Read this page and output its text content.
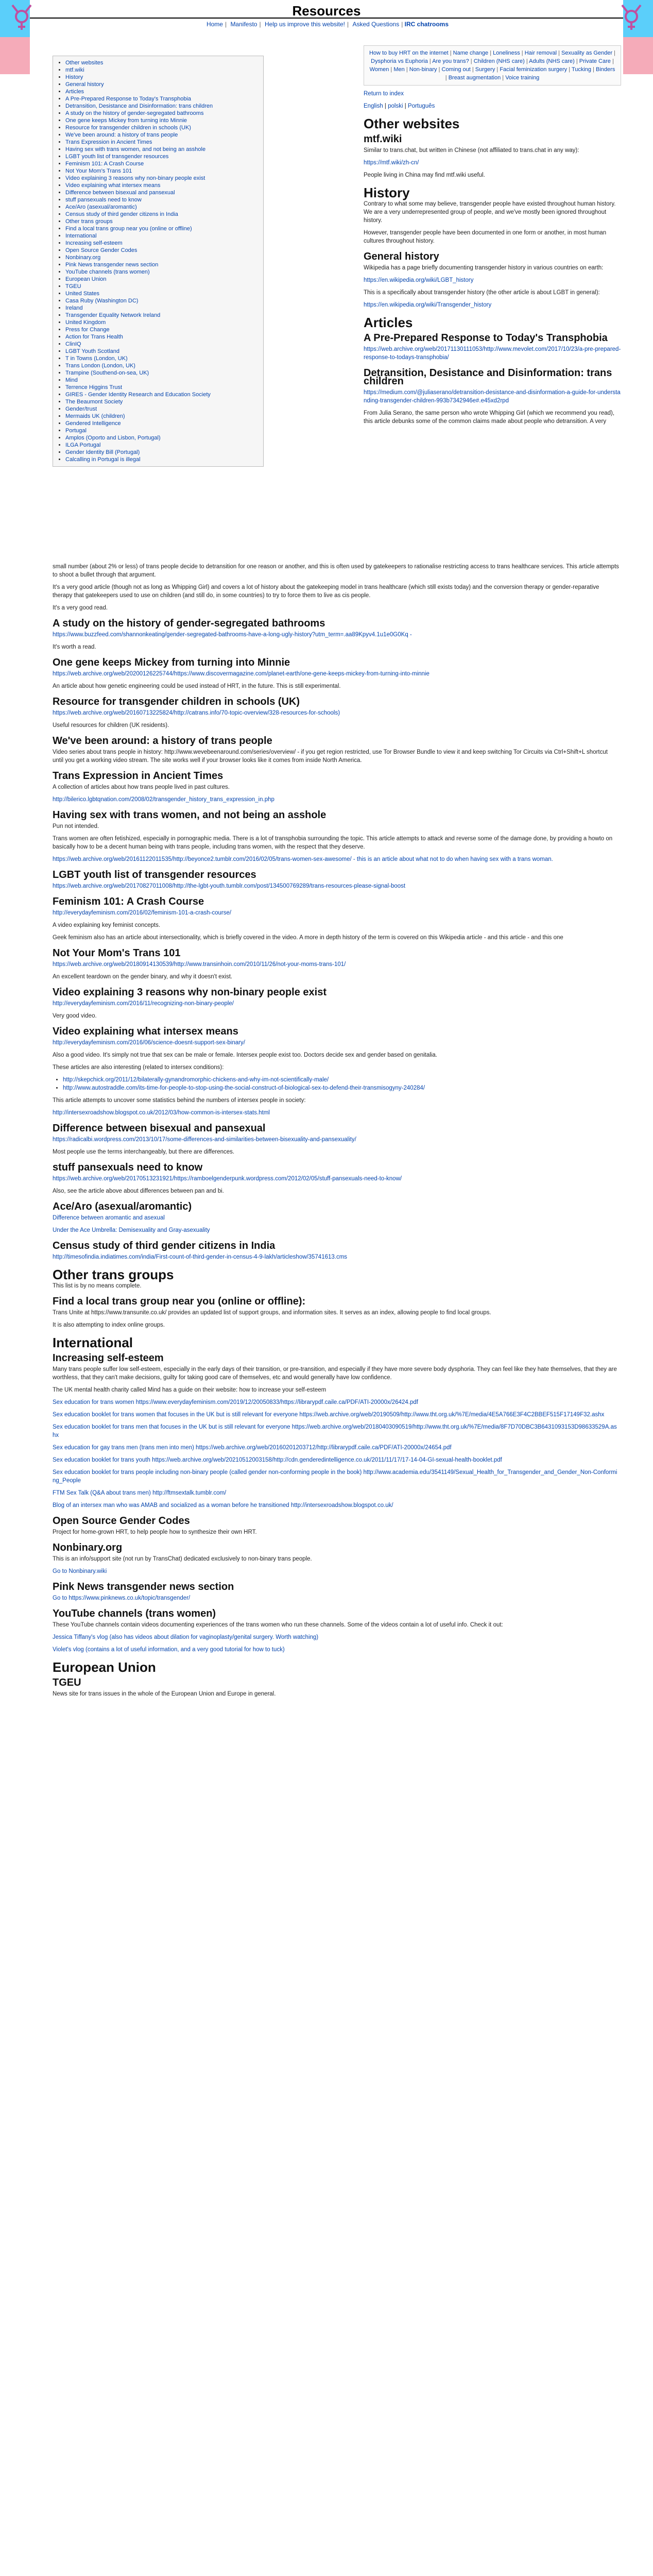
Resources
Home | Manifesto | Help us improve this website! | Asked Questions | IRC chatrooms
• Other websites
• mtf.wiki
• History
• General history
• Articles
• A Pre-Prepared Response to Today's Transphobia
• Detransition, Desistance and Disinformation: trans children
• A study on the history of gender-segregated bathrooms
• One gene keeps Mickey from turning into Minnie
• Resource for transgender children in schools (UK)
• We've been around: a history of trans people
• Trans Expression in Ancient Times
• Having sex with trans women, and not being an asshole
• LGBT youth list of transgender resources
• Feminism 101: A Crash Course
• Not Your Mom's Trans 101
• Video explaining 3 reasons why non-binary people exist
• Video explaining what intersex means
• Difference between bisexual and pansexual
• stuff pansexuals need to know
• Ace/Aro (asexual/aromantic)
• Census study of third gender citizens in India
• Other trans groups
• Find a local trans group near you (online or offline)
• International
• Increasing self-esteem
• Open Source Gender Codes
• Nonbinary.org
• Pink News transgender news section
• YouTube channels (trans women)
• European Union
• TGEU
• United States
• Casa Ruby (Washington DC)
• Ireland
• Transgender Equality Network Ireland
• United Kingdom
• Press for Change
• Action for Trans Health
• ClinIQ
• LGBT Youth Scotland
• T in Towns (London, UK)
• Trans London (London, UK)
• Trampine (Southend-on-sea, UK)
• Mind
• Terrence Higgins Trust
• GIRES - Gender Identity Research and Education Society
• The Beaumont Society
• Gender/trust
• Mermaids UK (children)
• Gendered Intelligence
• Portugal
• Amplos (Oporto and Lisbon, Portugal)
• ILGA Portugal
• Gender Identity Bill (Portugal)
• Calcalling in Portugal is illegal
How to buy HRT on the internet | Name change | Loneliness | Hair removal | Sexuality as Gender | Dysphoria vs Euphoria | Are you trans? | Children (NHS care) | Adults (NHS care) | Private Care | Women | Men | Non-binary | Coming out | Surgery | Facial feminization surgery | Tucking | Binders | Breast augmentation | Voice training

Return to index

English | polski | Português

Other websites
mtf.wiki

Similar to trans.chat, but written in Chinese (not affiliated to trans.chat in any way):

https://mtf.wiki/zh-cn/

People living in China may find mtf.wiki useful.

History

Contrary to what some may believe, transgender people have existed throughout human history. We are a very underrepresented group of people, and we've mostly been ignored throughout history.

However, transgender people have been documented in one form or another, in most human cultures throughout history.

General history

Wikipedia has a page briefly documenting transgender history in various countries on earth:

https://en.wikipedia.org/wiki/LGBT_history

This is a specifically about transgender history (the other article is about LGBT in general):

https://en.wikipedia.org/wiki/Transgender_history

Articles
A Pre-Prepared Response to Today's Transphobia

https://web.archive.org/web/20171130111053/http://www.mevolet.com/2017/10/23/a-pre-prepared-response-to-todays-transphobia/

Detransition, Desistance and Disinformation: trans children

https://medium.com/@juliaserano/detransition-desistance-and-disinformation-a-guide-for-understanding-transgender-children-993b7342946e#.e45xd2rpd

From Julia Serano, the same person who wrote Whipping Girl (which we recommend you read), this article debunks some of the common claims made about people who detransition. A very

small number (about 2% or less) of trans people decide to detransition for one reason or another, and this is often used by gatekeepers to rationalise restricting access to trans healthcare services. This article attempts to shoot a bullet through that argument.

It's a very good article (though not as long as Whipping Girl) and covers a lot of history about the gatekeeping model in trans healthcare (which still exists today) and the conversion therapy or gender-reparative therapy that gatekeepers used to use on children (and still do, in some countries) to try to force them to live as cis people.

It's a very good read.

A study on the history of gender-segregated bathrooms

https://www.buzzfeed.com/shannonkeating/gender-segregated-bathrooms-have-a-long-ugly-history?utm_term=.aa89Kpyv4.1u1e0G0Kq -

It's worth a read.

One gene keeps Mickey from turning into Minnie

https://web.archive.org/web/20200126225744/https://www.discovermagazine.com/planet-earth/one-gene-keeps-mickey-from-turning-into-minnie

An article about how genetic engineering could be used instead of HRT, in the future. This is still experimental.

Resource for transgender children in schools (UK)

https://web.archive.org/web/20160713225824/http://catrans.info/70-topic-overview/328-resources-for-schools)

Useful resources for children (UK residents).

We've been around: a history of trans people

Video series about trans people in history: http://www.wevebeenaround.com/series/overview/ - if you get region restricted, use Tor Browser Bundle to view it and keep switching Tor Circuits via Ctrl+Shift+L shortcut until you get a working video stream. The site works well if your browser looks like it comes from inside North America.

Trans Expression in Ancient Times

A collection of articles about how trans people lived in past cultures.

http://bilerico.lgbtqnation.com/2008/02/transgender_history_trans_expression_in.php

Having sex with trans women, and not being an asshole

Pun not intended.

Trans women are often fetishized, especially in pornographic media. There is a lot of transphobia surrounding the topic. This article attempts to attack and reverse some of the damage done, by providing a howto on basically how to be a decent human being with trans people, including trans women, with the respect that they deserve.

https://web.archive.org/web/20161122011535/http://beyonce2.tumblr.com/2016/02/05/trans-women-sex-awesome/ - this is an article about what not to do when having sex with a trans woman.

LGBT youth list of transgender resources

https://web.archive.org/web/20170827011008/http://the-lgbt-youth.tumblr.com/post/134500769289/trans-resources-please-signal-boost

Feminism 101: A Crash Course

http://everydayfeminism.com/2016/02/feminism-101-a-crash-course/

A video explaining key feminist concepts.

Geek feminism also has an article about intersectionality, which is briefly covered in the video. A more in depth history of the term is covered on this Wikipedia article - and this article - and this one

Not Your Mom's Trans 101

https://web.archive.org/web/20180914130539/http://www.transinhoin.com/2010/11/26/not-your-moms-trans-101/

An excellent teardown on the gender binary, and why it doesn't exist.

Video explaining 3 reasons why non-binary people exist

http://everydayfeminism.com/2016/11/recognizing-non-binary-people/

Very good video.

Video explaining what intersex means

http://everydayfeminism.com/2016/06/science-doesnt-support-sex-binary/

Also a good video. It's simply not true that sex can be male or female. Intersex people exist too. Doctors decide sex and gender based on genitalia.

These articles are also interesting (related to intersex conditions):

• http://skepchick.org/2011/12/bilaterally-gynandromorphic-chickens-and-why-im-not-scientifically-male/
• http://www.autostraddle.com/its-time-for-people-to-stop-using-the-social-construct-of-biological-sex-to-defend-their-transmisogyny-240284/

This article attempts to uncover some statistics behind the numbers of intersex people in society:

http://intersexroadshow.blogspot.co.uk/2012/03/how-common-is-intersex-stats.html

Difference between bisexual and pansexual

https://radicalbi.wordpress.com/2013/10/17/some-differences-and-similarities-between-bisexuality-and-pansexuality/

Most people use the terms interchangeably, but there are differences.

stuff pansexuals need to know

https://web.archive.org/web/20170513231921/https://ramboelgenderpunk.wordpress.com/2012/02/05/stuff-pansexuals-need-to-know/

Also, see the article above about differences between pan and bi.

Ace/Aro (asexual/aromantic)

Difference between aromantic and asexual

Under the Ace Umbrella: Demisexuality and Gray-asexuality

Census study of third gender citizens in India

http://timesofindia.indiatimes.com/india/First-count-of-third-gender-in-census-4-9-lakh/articleshow/35741613.cms

Other trans groups

This list is by no means complete.

Find a local trans group near you (online or offline):

Trans Unite at https://www.transunite.co.uk/ provides an updated list of support groups, and information sites. It serves as an index, allowing people to find local groups.

It is also attempting to index online groups.

International
Increasing self-esteem

Many trans people suffer low self-esteem, especially in the early days of their transition, or pre-transition, and especially if they have more severe body dysphoria. They can feel like they hate themselves, that they are worthless, that they can't make decisions, guilty for taking good care of themselves, etc and would generally have low confidence.

The UK mental health charity called Mind has a guide on their website: how to increase your self-esteem

Sex education for trans women https://www.everydayfeminism.com/2019/12/20050833/https://librarypdf.caile.ca/PDF/ATI-20000x/26424.pdf

Sex education booklet for trans women that focuses in the UK but is still relevant for everyone https://web.archive.org/web/20190509/http://www.tht.org.uk/%7E/media/4E5A766E3F4C2BBEF515F17149F32.ashx

Sex education booklet for trans men that focuses in the UK but is still relevant for everyone https://web.archive.org/web/20180403090519/http://www.tht.org.uk/%7E/media/8F7D70DBC3B6431093153D98633529A.ashx

Sex education for gay trans men (trans men into men) https://web.archive.org/web/20160201203712/http://librarypdf.caile.ca/PDF/ATI-20000x/24654.pdf

Sex education booklet for trans youth https://web.archive.org/web/20210512003158/http://cdn.genderedintelligence.co.uk/2011/11/17/17-14-04-GI-sexual-health-booklet.pdf

Sex education booklet for trans people including non-binary people (called gender non-conforming people in the book) http://www.academia.edu/3541149/Sexual_Health_for_Transgender_and_Gender_Non-Conforming_People

FTM Sex Talk (Q&A about trans men) http://ftmsextalk.tumblr.com/

Blog of an intersex man who was AMAB and socialized as a woman before he transitioned http://intersexroadshow.blogspot.co.uk/

Open Source Gender Codes

Project for home-grown HRT, to help people how to synthesize their own HRT.

Nonbinary.org

This is an info/support site (not run by TransChat) dedicated exclusively to non-binary trans people.

Go to Nonbinary.wiki

Pink News transgender news section

Go to https://www.pinknews.co.uk/topic/transgender/

YouTube channels (trans women)

These YouTube channels contain videos documenting experiences of the trans women who run these channels. Some of the videos contain a lot of useful info. Check it out:

Jessica Tiffany's vlog (also has videos about dilation for vaginoplasty/genital surgery. Worth watching)

Violet's vlog (contains a lot of useful information, and a very good tutorial for how to tuck)

European Union
TGEU

News site for trans issues in the whole of the European Union and Europe in general.
